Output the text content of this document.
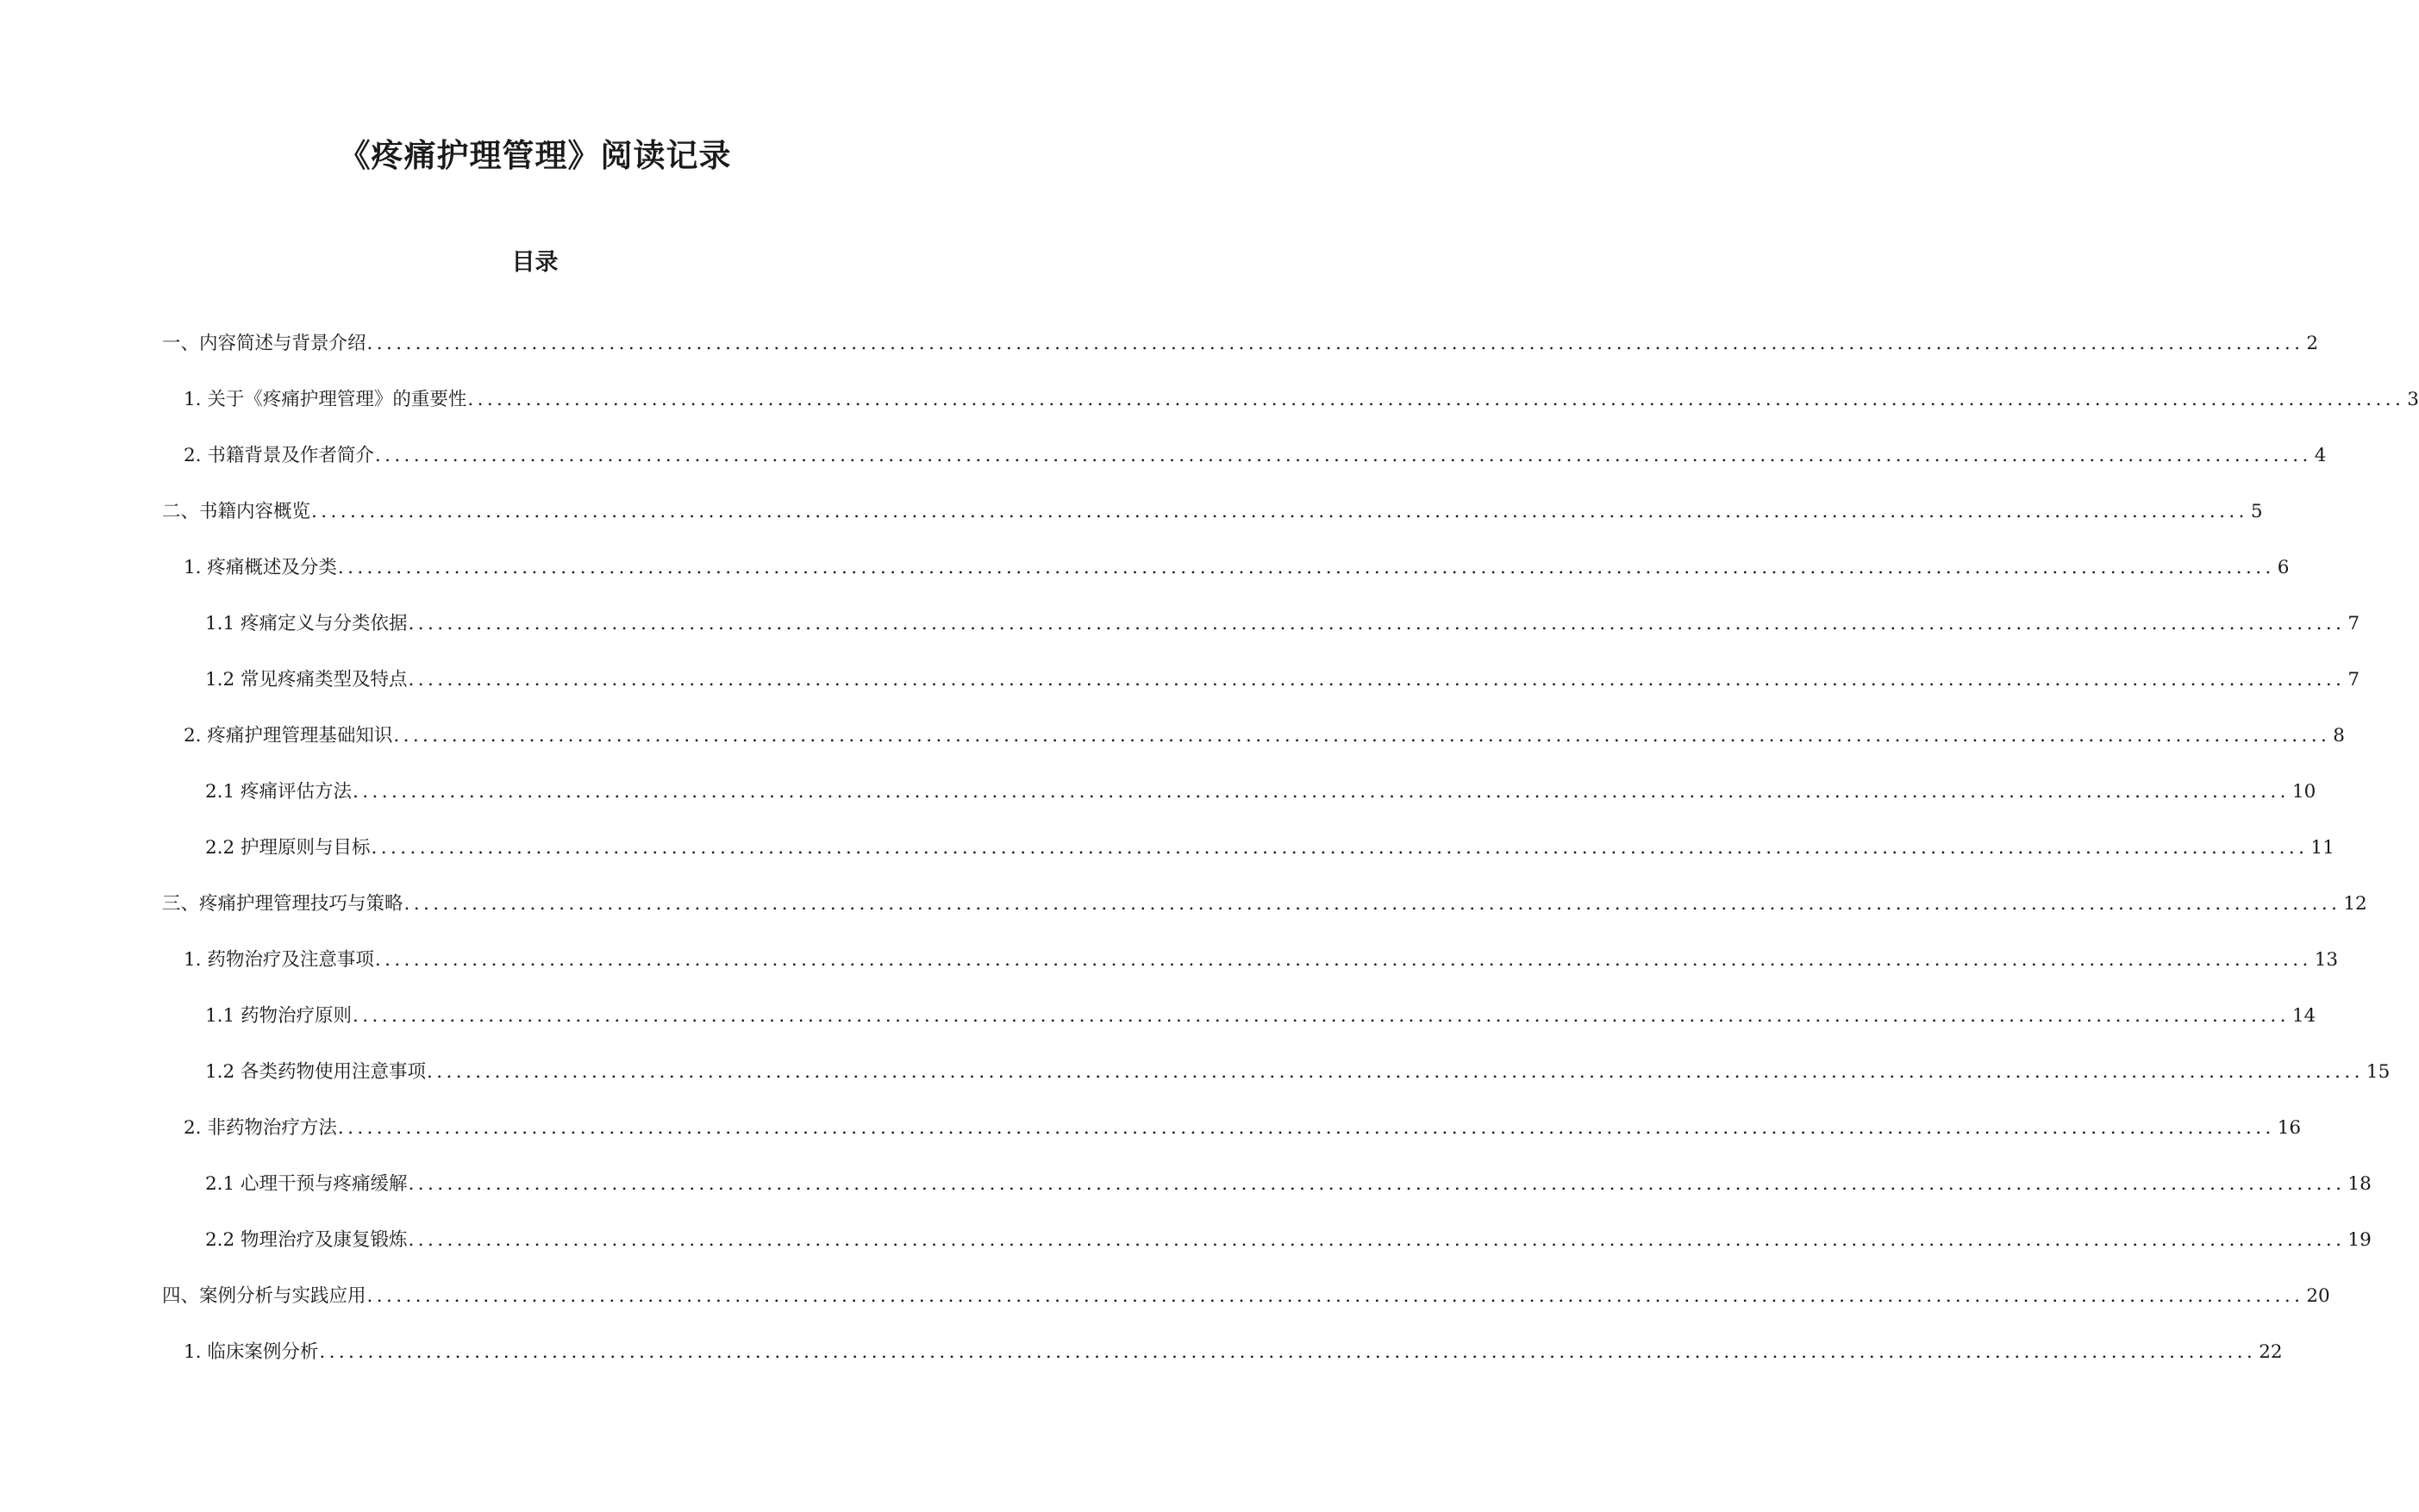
《疼痛护理管理》阅读记录
目录
一、内容简述与背景介绍 ........................................................................................................................................................................................................ 2
1. 关于《疼痛护理管理》的重要性 ........................................................................................................................................................................................................ 3
2. 书籍背景及作者简介 ........................................................................................................................................................................................................ 4
二、书籍内容概览 ........................................................................................................................................................................................................ 5
1. 疼痛概述及分类 ........................................................................................................................................................................................................ 6
1.1 疼痛定义与分类依据 ........................................................................................................................................................................................................ 7
1.2 常见疼痛类型及特点 ........................................................................................................................................................................................................ 7
2. 疼痛护理管理基础知识 ........................................................................................................................................................................................................ 8
2.1 疼痛评估方法 ........................................................................................................................................................................................................ 10
2.2 护理原则与目标 ........................................................................................................................................................................................................ 11
三、疼痛护理管理技巧与策略 ........................................................................................................................................................................................................ 12
1. 药物治疗及注意事项 ........................................................................................................................................................................................................ 13
1.1 药物治疗原则 ........................................................................................................................................................................................................ 14
1.2 各类药物使用注意事项 ........................................................................................................................................................................................................ 15
2. 非药物治疗方法 ........................................................................................................................................................................................................ 16
2.1 心理干预与疼痛缓解 ........................................................................................................................................................................................................ 18
2.2 物理治疗及康复锻炼 ........................................................................................................................................................................................................ 19
四、案例分析与实践应用 ........................................................................................................................................................................................................ 20
1. 临床案例分析 ........................................................................................................................................................................................................ 22
